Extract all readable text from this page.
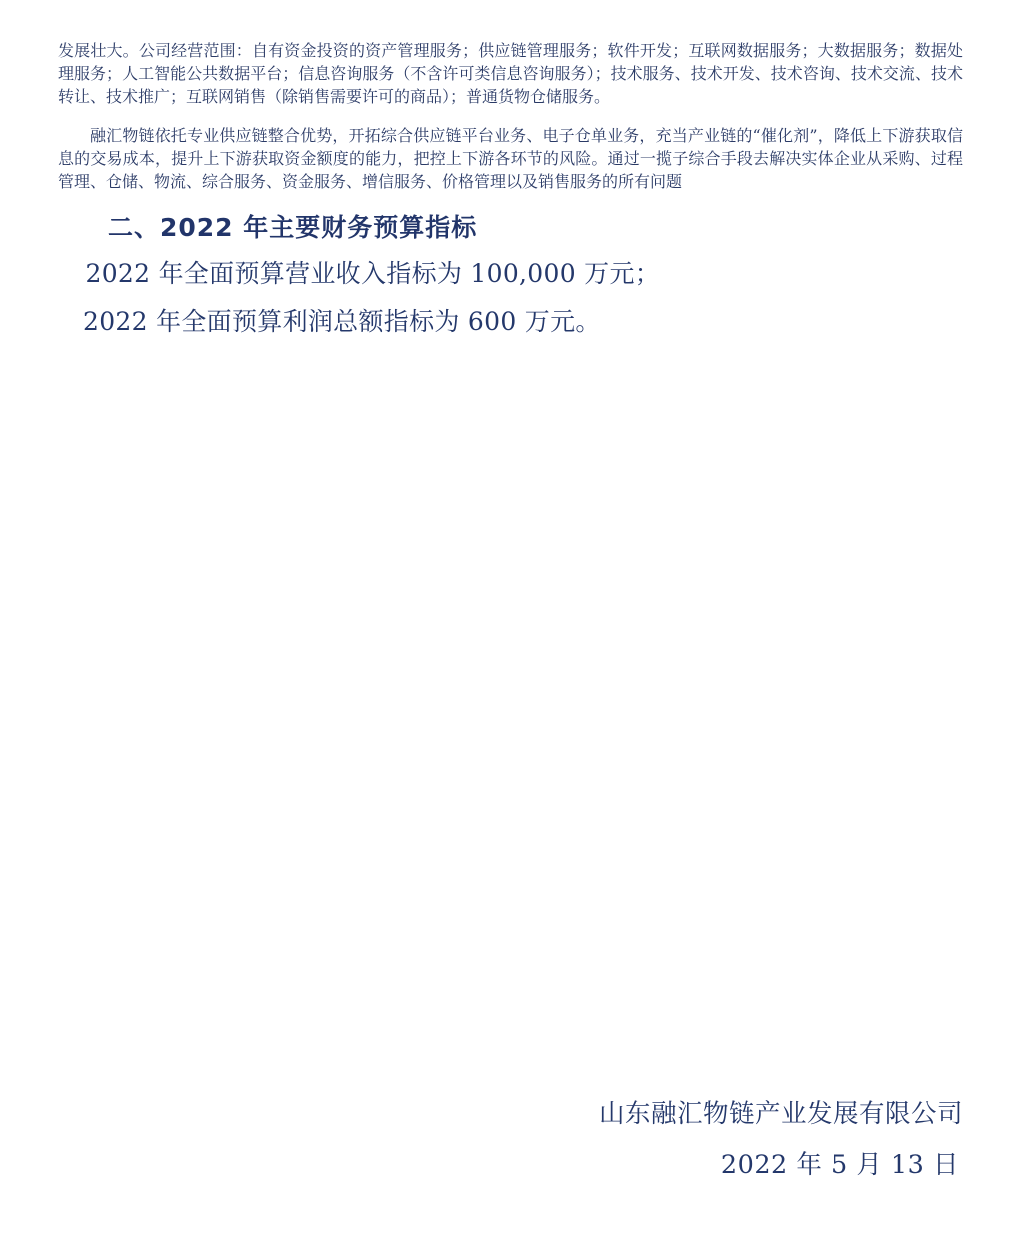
发展壮大。公司经营范围：自有资金投资的资产管理服务；供应链管理服务；软件开发；互联网数据服务；大数据服务；数据处理服务；人工智能公共数据平台；信息咨询服务（不含许可类信息咨询服务）；技术服务、技术开发、技术咨询、技术交流、技术转让、技术推广；互联网销售（除销售需要许可的商品）；普通货物仓储服务。

融汇物链依托专业供应链整合优势，开拓综合供应链平台业务、电子仓单业务，充当产业链的“催化剂”，降低上下游获取信息的交易成本，提升上下游获取资金额度的能力，把控上下游各环节的风险。通过一揽子综合手段去解决实体企业从采购、过程管理、仓储、物流、综合服务、资金服务、增信服务、价格管理以及销售服务的所有问题

二、2022 年主要财务预算指标

2022 年全面预算营业收入指标为 100,000 万元；

2022 年全面预算利润总额指标为 600 万元。

山东融汇物链产业发展有限公司

2022 年 5 月 13 日
